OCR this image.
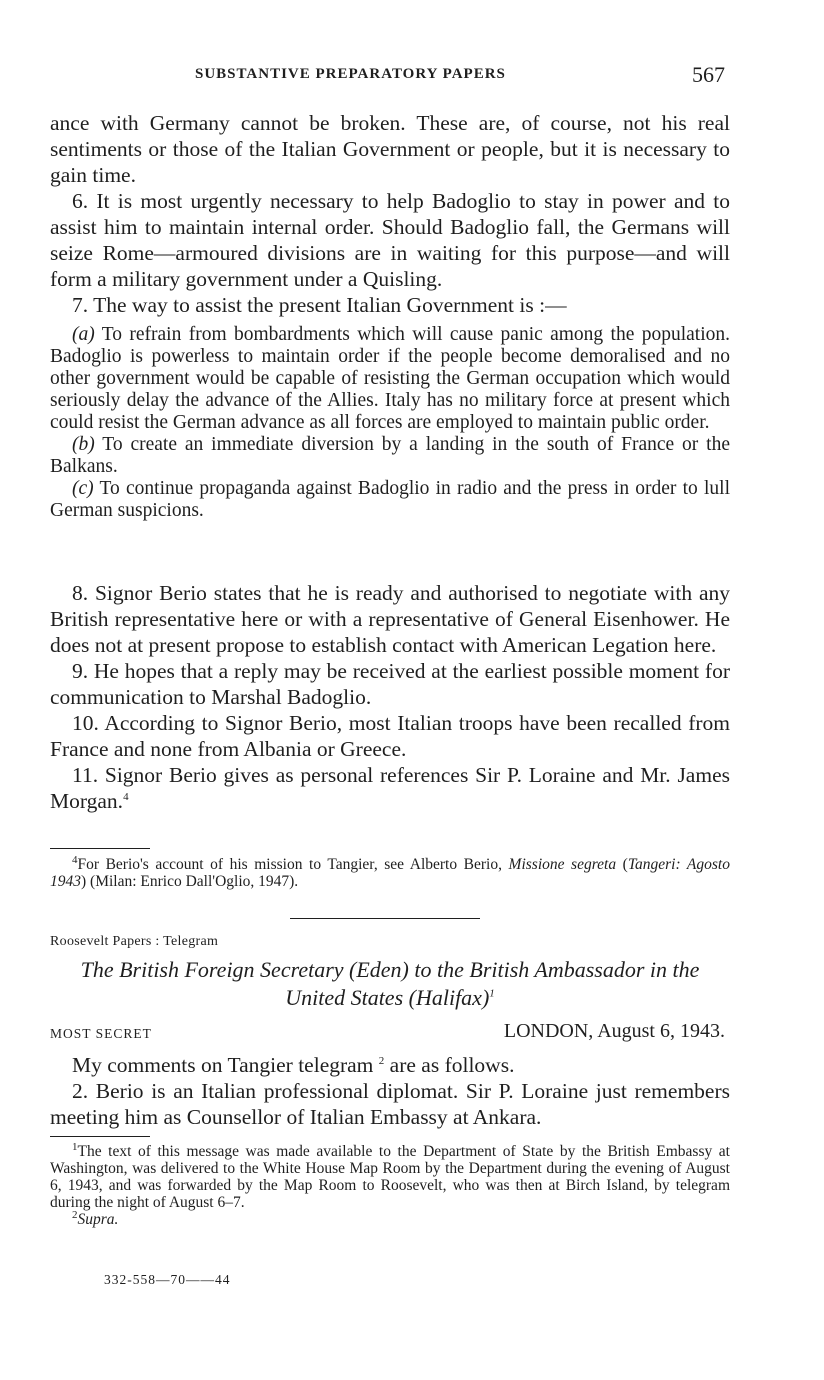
SUBSTANTIVE PREPARATORY PAPERS	567

ance with Germany cannot be broken. These are, of course, not his real sentiments or those of the Italian Government or people, but it is necessary to gain time.

6. It is most urgently necessary to help Badoglio to stay in power and to assist him to maintain internal order. Should Badoglio fall, the Germans will seize Rome—armoured divisions are in waiting for this purpose—and will form a military government under a Quisling.

7. The way to assist the present Italian Government is :—

(a) To refrain from bombardments which will cause panic among the population. Badoglio is powerless to maintain order if the people become demoralised and no other government would be capable of resisting the German occupation which would seriously delay the advance of the Allies. Italy has no military force at present which could resist the German advance as all forces are employed to maintain public order.

(b) To create an immediate diversion by a landing in the south of France or the Balkans.

(c) To continue propaganda against Badoglio in radio and the press in order to lull German suspicions.

8. Signor Berio states that he is ready and authorised to negotiate with any British representative here or with a representative of General Eisenhower. He does not at present propose to establish contact with American Legation here.

9. He hopes that a reply may be received at the earliest possible moment for communication to Marshal Badoglio.

10. According to Signor Berio, most Italian troops have been recalled from France and none from Albania or Greece.

11. Signor Berio gives as personal references Sir P. Loraine and Mr. James Morgan.$^4$

$^4$For Berio's account of his mission to Tangier, see Alberto Berio, Missione segreta (Tangeri: Agosto 1943) (Milan: Enrico Dall'Oglio, 1947).

Roosevelt Papers : Telegram

The British Foreign Secretary (Eden) to the British Ambassador in the United States (Halifax)$^1$

MOST SECRET	LONDON, August 6, 1943.

My comments on Tangier telegram $^2$ are as follows.

2. Berio is an Italian professional diplomat. Sir P. Loraine just remembers meeting him as Counsellor of Italian Embassy at Ankara.

$^1$The text of this message was made available to the Department of State by the British Embassy at Washington, was delivered to the White House Map Room by the Department during the evening of August 6, 1943, and was forwarded by the Map Room to Roosevelt, who was then at Birch Island, by telegram during the night of August 6–7.

$^2$Supra.

332-558—70——44
